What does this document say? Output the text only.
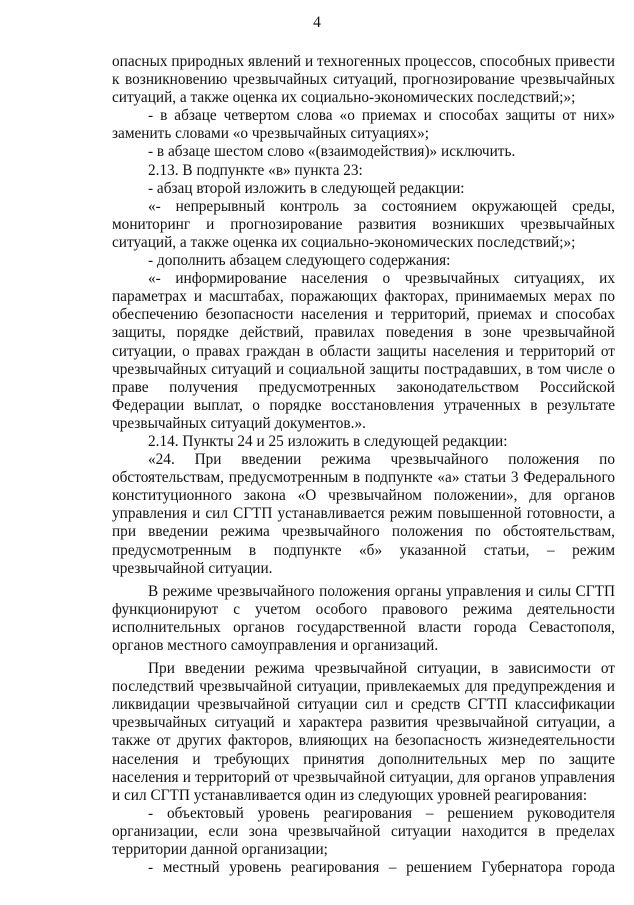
4

опасных природных явлений и техногенных процессов, способных привести к возникновению чрезвычайных ситуаций, прогнозирование чрезвычайных ситуаций, а также оценка их социально-экономических последствий;»;

- в абзаце четвертом слова «о приемах и способах защиты от них» заменить словами «о чрезвычайных ситуациях»;

- в абзаце шестом слово «(взаимодействия)» исключить.

2.13. В подпункте «в» пункта 23:

- абзац второй изложить в следующей редакции:

«- непрерывный контроль за состоянием окружающей среды, мониторинг и прогнозирование развития возникших чрезвычайных ситуаций, а также оценка их социально-экономических последствий;»;

- дополнить абзацем следующего содержания:

«- информирование населения о чрезвычайных ситуациях, их параметрах и масштабах, поражающих факторах, принимаемых мерах по обеспечению безопасности населения и территорий, приемах и способах защиты, порядке действий, правилах поведения в зоне чрезвычайной ситуации, о правах граждан в области защиты населения и территорий от чрезвычайных ситуаций и социальной защиты пострадавших, в том числе о праве получения предусмотренных законодательством Российской Федерации выплат, о порядке восстановления утраченных в результате чрезвычайных ситуаций документов.».

2.14. Пункты 24 и 25 изложить в следующей редакции:

«24. При введении режима чрезвычайного положения по обстоятельствам, предусмотренным в подпункте «а» статьи 3 Федерального конституционного закона «О чрезвычайном положении», для органов управления и сил СГТП устанавливается режим повышенной готовности, а при введении режима чрезвычайного положения по обстоятельствам, предусмотренным в подпункте «б» указанной статьи, – режим чрезвычайной ситуации.

В режиме чрезвычайного положения органы управления и силы СГТП функционируют с учетом особого правового режима деятельности исполнительных органов государственной власти города Севастополя, органов местного самоуправления и организаций.

При введении режима чрезвычайной ситуации, в зависимости от последствий чрезвычайной ситуации, привлекаемых для предупреждения и ликвидации чрезвычайной ситуации сил и средств СГТП классификации чрезвычайных ситуаций и характера развития чрезвычайной ситуации, а также от других факторов, влияющих на безопасность жизнедеятельности населения и требующих принятия дополнительных мер по защите населения и территорий от чрезвычайной ситуации, для органов управления и сил СГТП устанавливается один из следующих уровней реагирования:

- объектовый уровень реагирования – решением руководителя организации, если зона чрезвычайной ситуации находится в пределах территории данной организации;

- местный уровень реагирования – решением Губернатора города
